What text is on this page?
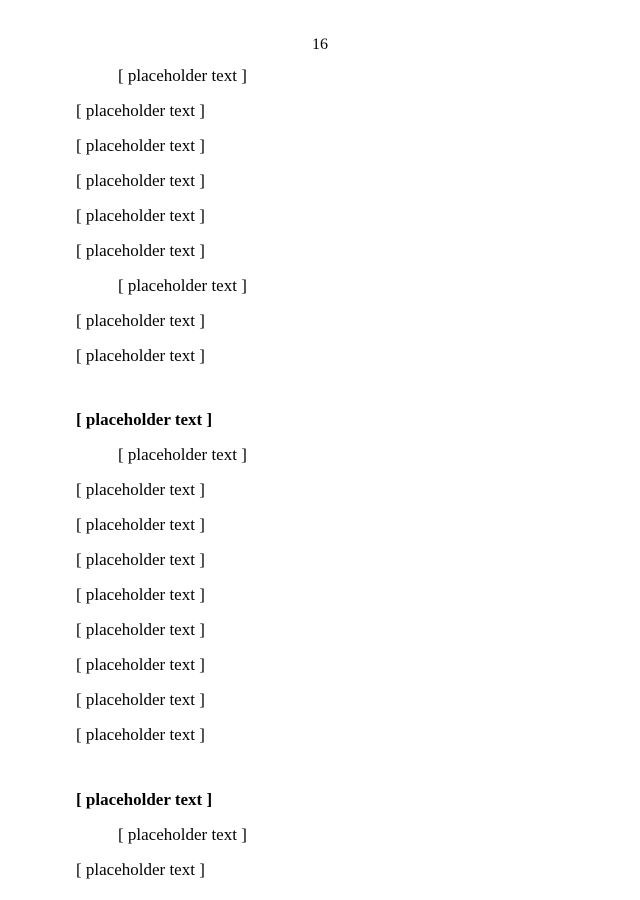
16
[ placeholder text ]
[ placeholder text ]
[ placeholder text ]
[ placeholder text ]
[ placeholder text ]
[ placeholder text ]
[ placeholder text ]
[ placeholder text ]
[ placeholder text ]
[ placeholder text ]
[ placeholder text ]
[ placeholder text ]
[ placeholder text ]
[ placeholder text ]
[ placeholder text ]
[ placeholder text ]
[ placeholder text ]
[ placeholder text ]
[ placeholder text ]
[ placeholder text ]
[ placeholder text ]
[ placeholder text ]
